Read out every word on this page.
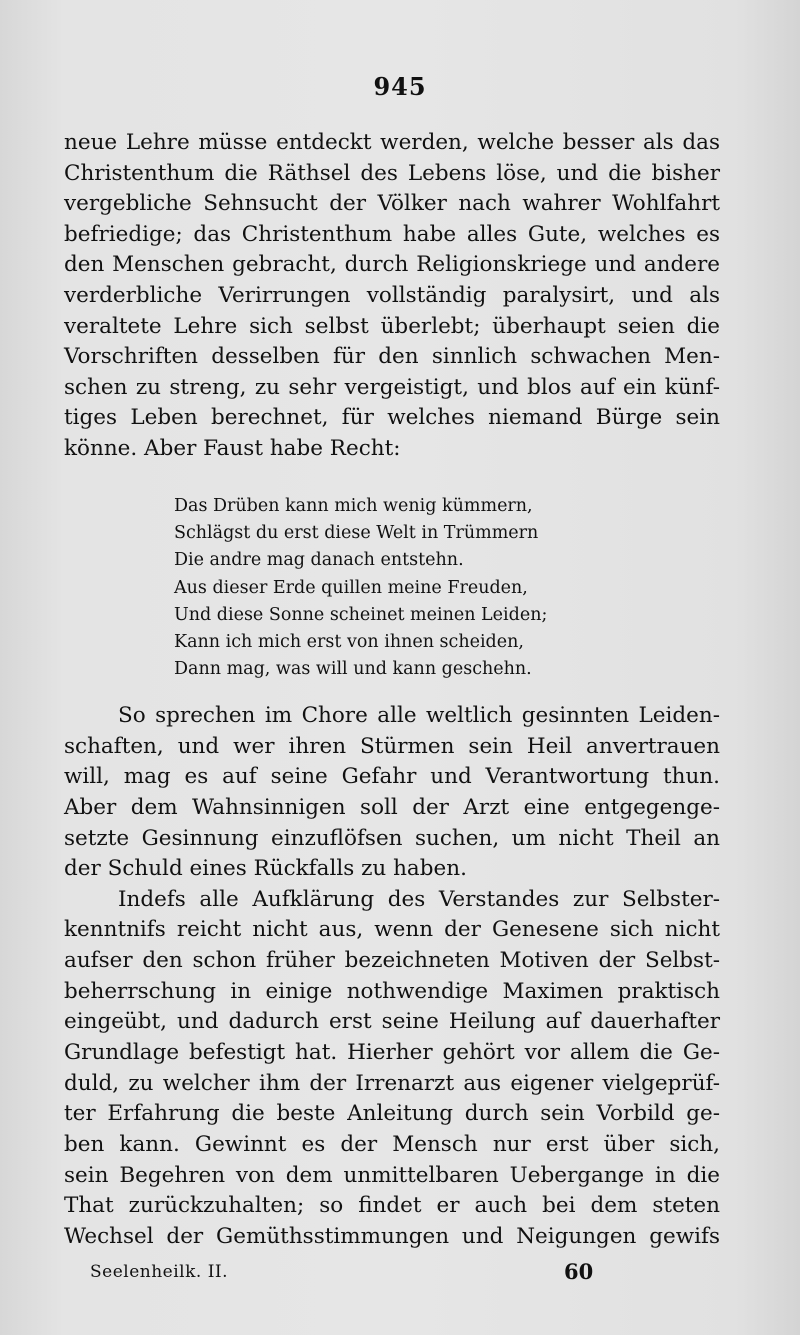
945
neue Lehre müsse entdeckt werden, welche besser als das
Christenthum die Räthsel des Lebens löse, und die bisher
vergebliche Sehnsucht der Völker nach wahrer Wohlfahrt
befriedige; das Christenthum habe alles Gute, welches es
den Menschen gebracht, durch Religionskriege und andere
verderbliche Verirrungen vollständig paralysirt, und als
veraltete Lehre sich selbst überlebt; überhaupt seien die
Vorschriften desselben für den sinnlich schwachen Men-
schen zu streng, zu sehr vergeistigt, und blos auf ein künf-
tiges Leben berechnet, für welches niemand Bürge sein
könne. Aber Faust habe Recht:
Das Drüben kann mich wenig kümmern,
Schlägst du erst diese Welt in Trümmern
Die andre mag danach entstehn.
Aus dieser Erde quillen meine Freuden,
Und diese Sonne scheinet meinen Leiden;
Kann ich mich erst von ihnen scheiden,
Dann mag, was will und kann geschehn.
So sprechen im Chore alle weltlich gesinnten Leiden-
schaften, und wer ihren Stürmen sein Heil anvertrauen
will, mag es auf seine Gefahr und Verantwortung thun.
Aber dem Wahnsinnigen soll der Arzt eine entgegenge-
setzte Gesinnung einzuflöfsen suchen, um nicht Theil an
der Schuld eines Rückfalls zu haben.
Indefs alle Aufklärung des Verstandes zur Selbster-
kenntnifs reicht nicht aus, wenn der Genesene sich nicht
aufser den schon früher bezeichneten Motiven der Selbst-
beherrschung in einige nothwendige Maximen praktisch
eingeübt, und dadurch erst seine Heilung auf dauerhafter
Grundlage befestigt hat. Hierher gehört vor allem die Ge-
duld, zu welcher ihm der Irrenarzt aus eigener vielgeprüf-
ter Erfahrung die beste Anleitung durch sein Vorbild ge-
ben kann. Gewinnt es der Mensch nur erst über sich,
sein Begehren von dem unmittelbaren Uebergange in die
That zurückzuhalten; so findet er auch bei dem steten
Wechsel der Gemüthsstimmungen und Neigungen gewifs
Seelenheilk. II.	60
